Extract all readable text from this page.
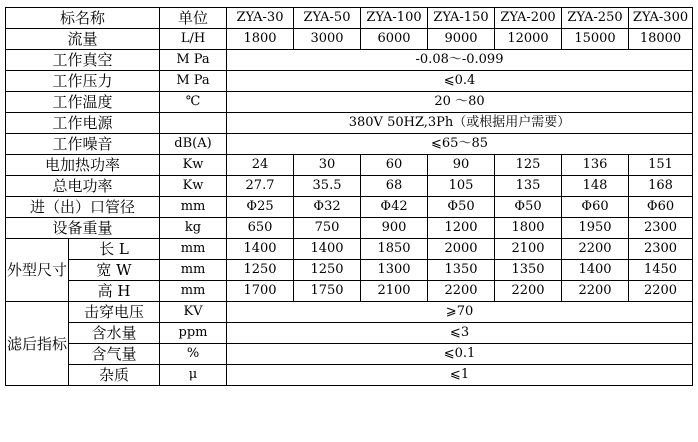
标名称		单位	ZYA-30	ZYA-50	ZYA-100	ZYA-150	ZYA-200	ZYA-250	ZYA-300
流量		L/H	1800	3000	6000	9000	12000	15000	18000
工作真空		M Pa	-0.08～-0.099						
工作压力		M Pa	⩽0.4						
工作温度		℃	20 ～80						
工作电源			380V 50HZ,3Ph（或根据用户需要）						
工作噪音		dB(A)	⩽65～85						
电加热功率		Kw	24	30	60	90	125	136	151
总电功率		Kw	27.7	35.5	68	105	135	148	168
进（出）口管径		mm	Φ25	Φ32	Φ42	Φ50	Φ50	Φ60	Φ60
设备重量		kg	650	750	900	1200	1800	1950	2300
外型尺寸	长 L	mm	1400	1400	1850	2000	2100	2200	2300
	宽 W	mm	1250	1250	1300	1350	1350	1400	1450
	高 H	mm	1700	1750	2100	2200	2200	2200	2200
滤后指标	击穿电压	KV	⩾70						
	含水量	ppm	⩽3						
	含气量	%	⩽0.1						
	杂质	μ	⩽1						
